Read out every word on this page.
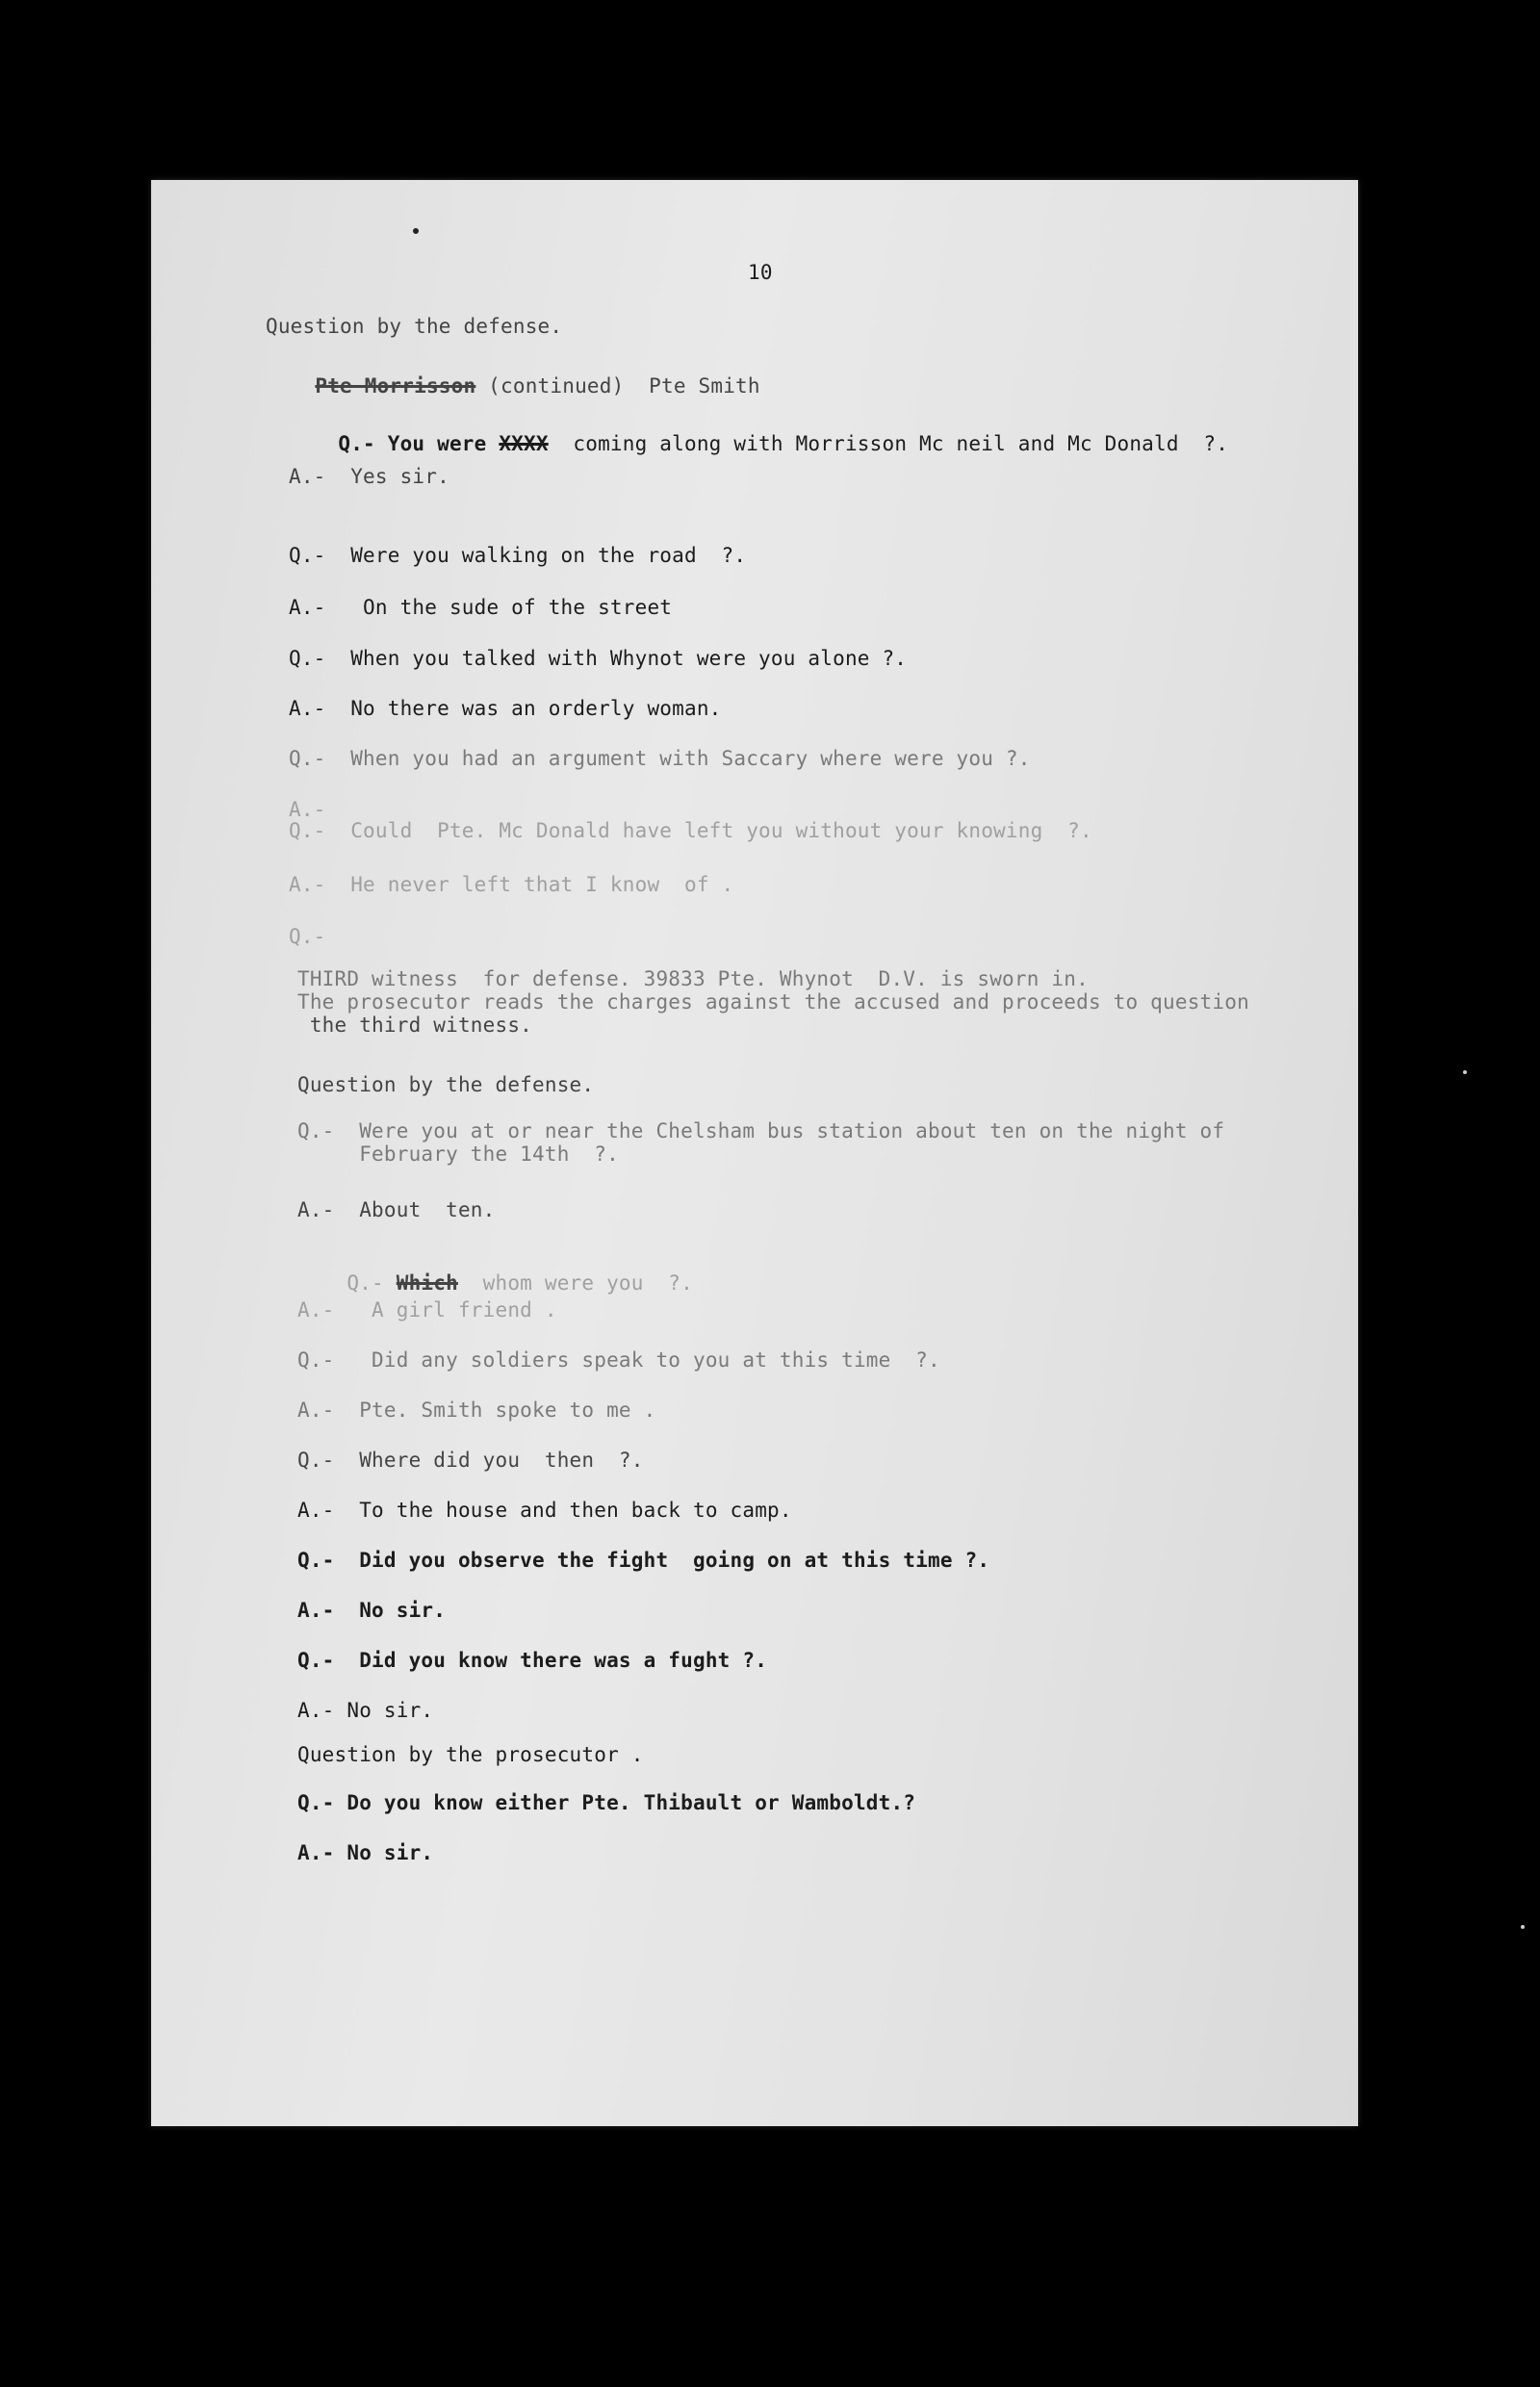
10
Question by the defense.

Pte Morrisson (continued)  Pte Smith

Q.- You were XXXX  coming along with Morrisson Mc neil and Mc Donald  ?.

A.-  Yes sir.
Q.-  Were you walking on the road  ?.
A.-   On the sude of the street
Q.-  When you talked with Whynot were you alone ?.
A.-  No there was an orderly woman.
Q.-  When you had an argument with Saccary where were you ?.
A.-
Q.-  Could  Pte. Mc Donald have left you without your knowing  ?.
A.-  He never left that I know  of .
Q.-
THIRD witness  for defense. 39833 Pte. Whynot  D.V. is sworn in.
The prosecutor reads the charges against the accused and proceeds to question
the third witness.
Question by the defense.
Q.-  Were you at or near the Chelsham bus station about ten on the night of
February the 14th  ?.
A.-  About  ten.

Q.- Which  whom were you  ?.

A.-   A girl friend .
Q.-   Did any soldiers speak to you at this time  ?.
A.-  Pte. Smith spoke to me .
Q.-  Where did you  then  ?.
A.-  To the house and then back to camp.
Q.-  Did you observe the fight  going on at this time ?.
A.-  No sir.
Q.-  Did you know there was a fught ?.
A.- No sir.
Question by the prosecutor .
Q.- Do you know either Pte. Thibault or Wamboldt.?
A.- No sir.
